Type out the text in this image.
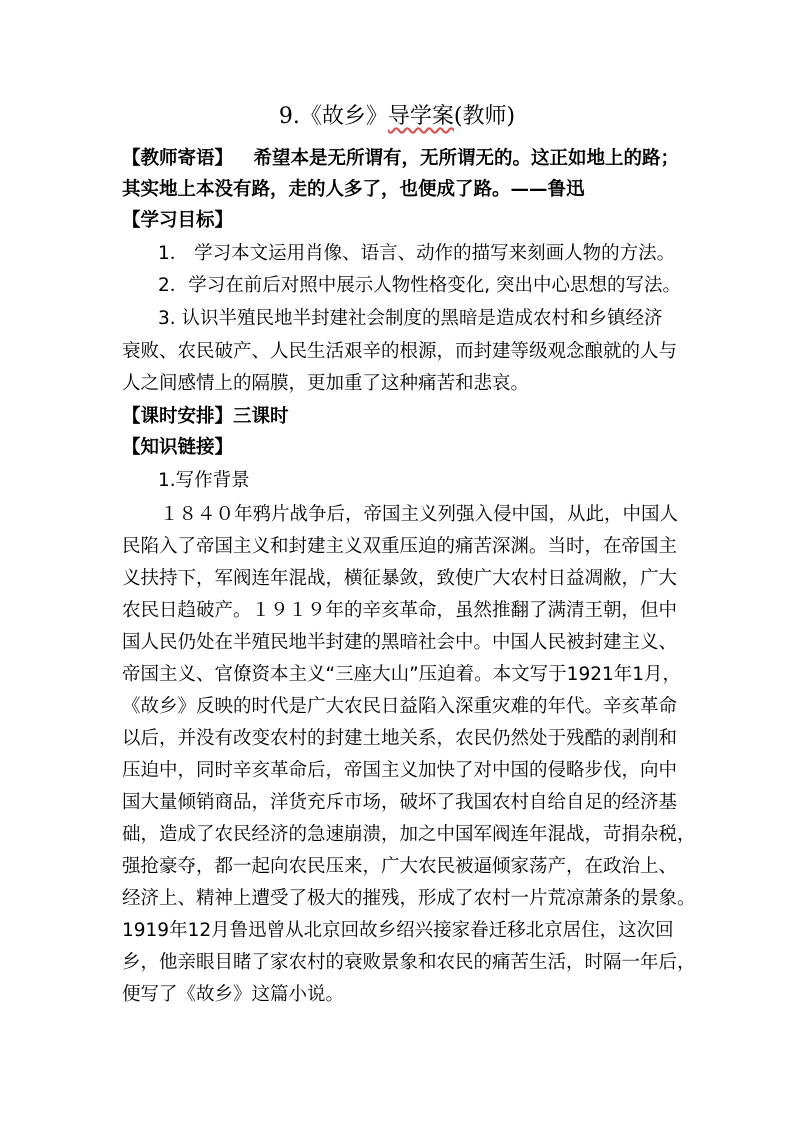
9.《故乡》导学案(教师)
【教师寄语】 希望本是无所谓有，无所谓无的。这正如地上的路；
其实地上本没有路，走的人多了，也便成了路。——鲁迅
【学习目标】
1． 学习本文运用肖像、语言、动作的描写来刻画人物的方法。
2．学习在前后对照中展示人物性格变化, 突出中心思想的写法。
3. 认识半殖民地半封建社会制度的黑暗是造成农村和乡镇经济
衰败、农民破产、人民生活艰辛的根源，而封建等级观念酿就的人与
人之间感情上的隔膜，更加重了这种痛苦和悲哀。
【课时安排】三课时
【知识链接】
1.写作背景
１８４０年鸦片战争后，帝国主义列强入侵中国，从此，中国人
民陷入了帝国主义和封建主义双重压迫的痛苦深渊。当时，在帝国主
义扶持下，军阀连年混战，横征暴敛，致使广大农村日益凋敝，广大
农民日趋破产。１９１９年的辛亥革命，虽然推翻了满清王朝，但中
国人民仍处在半殖民地半封建的黑暗社会中。中国人民被封建主义、
帝国主义、官僚资本主义“三座大山”压迫着。本文写于1921年1月，
《故乡》反映的时代是广大农民日益陷入深重灾难的年代。辛亥革命
以后，并没有改变农村的封建土地关系，农民仍然处于残酷的剥削和
压迫中，同时辛亥革命后，帝国主义加快了对中国的侵略步伐，向中
国大量倾销商品，洋货充斥市场，破坏了我国农村自给自足的经济基
础，造成了农民经济的急速崩溃，加之中国军阀连年混战，苛捐杂税，
强抢豪夺，都一起向农民压来，广大农民被逼倾家荡产，在政治上、
经济上、精神上遭受了极大的摧残，形成了农村一片荒凉萧条的景象。
1919年12月鲁迅曾从北京回故乡绍兴接家眷迁移北京居住，这次回
乡，他亲眼目睹了家农村的衰败景象和农民的痛苦生活，时隔一年后，
便写了《故乡》这篇小说。
